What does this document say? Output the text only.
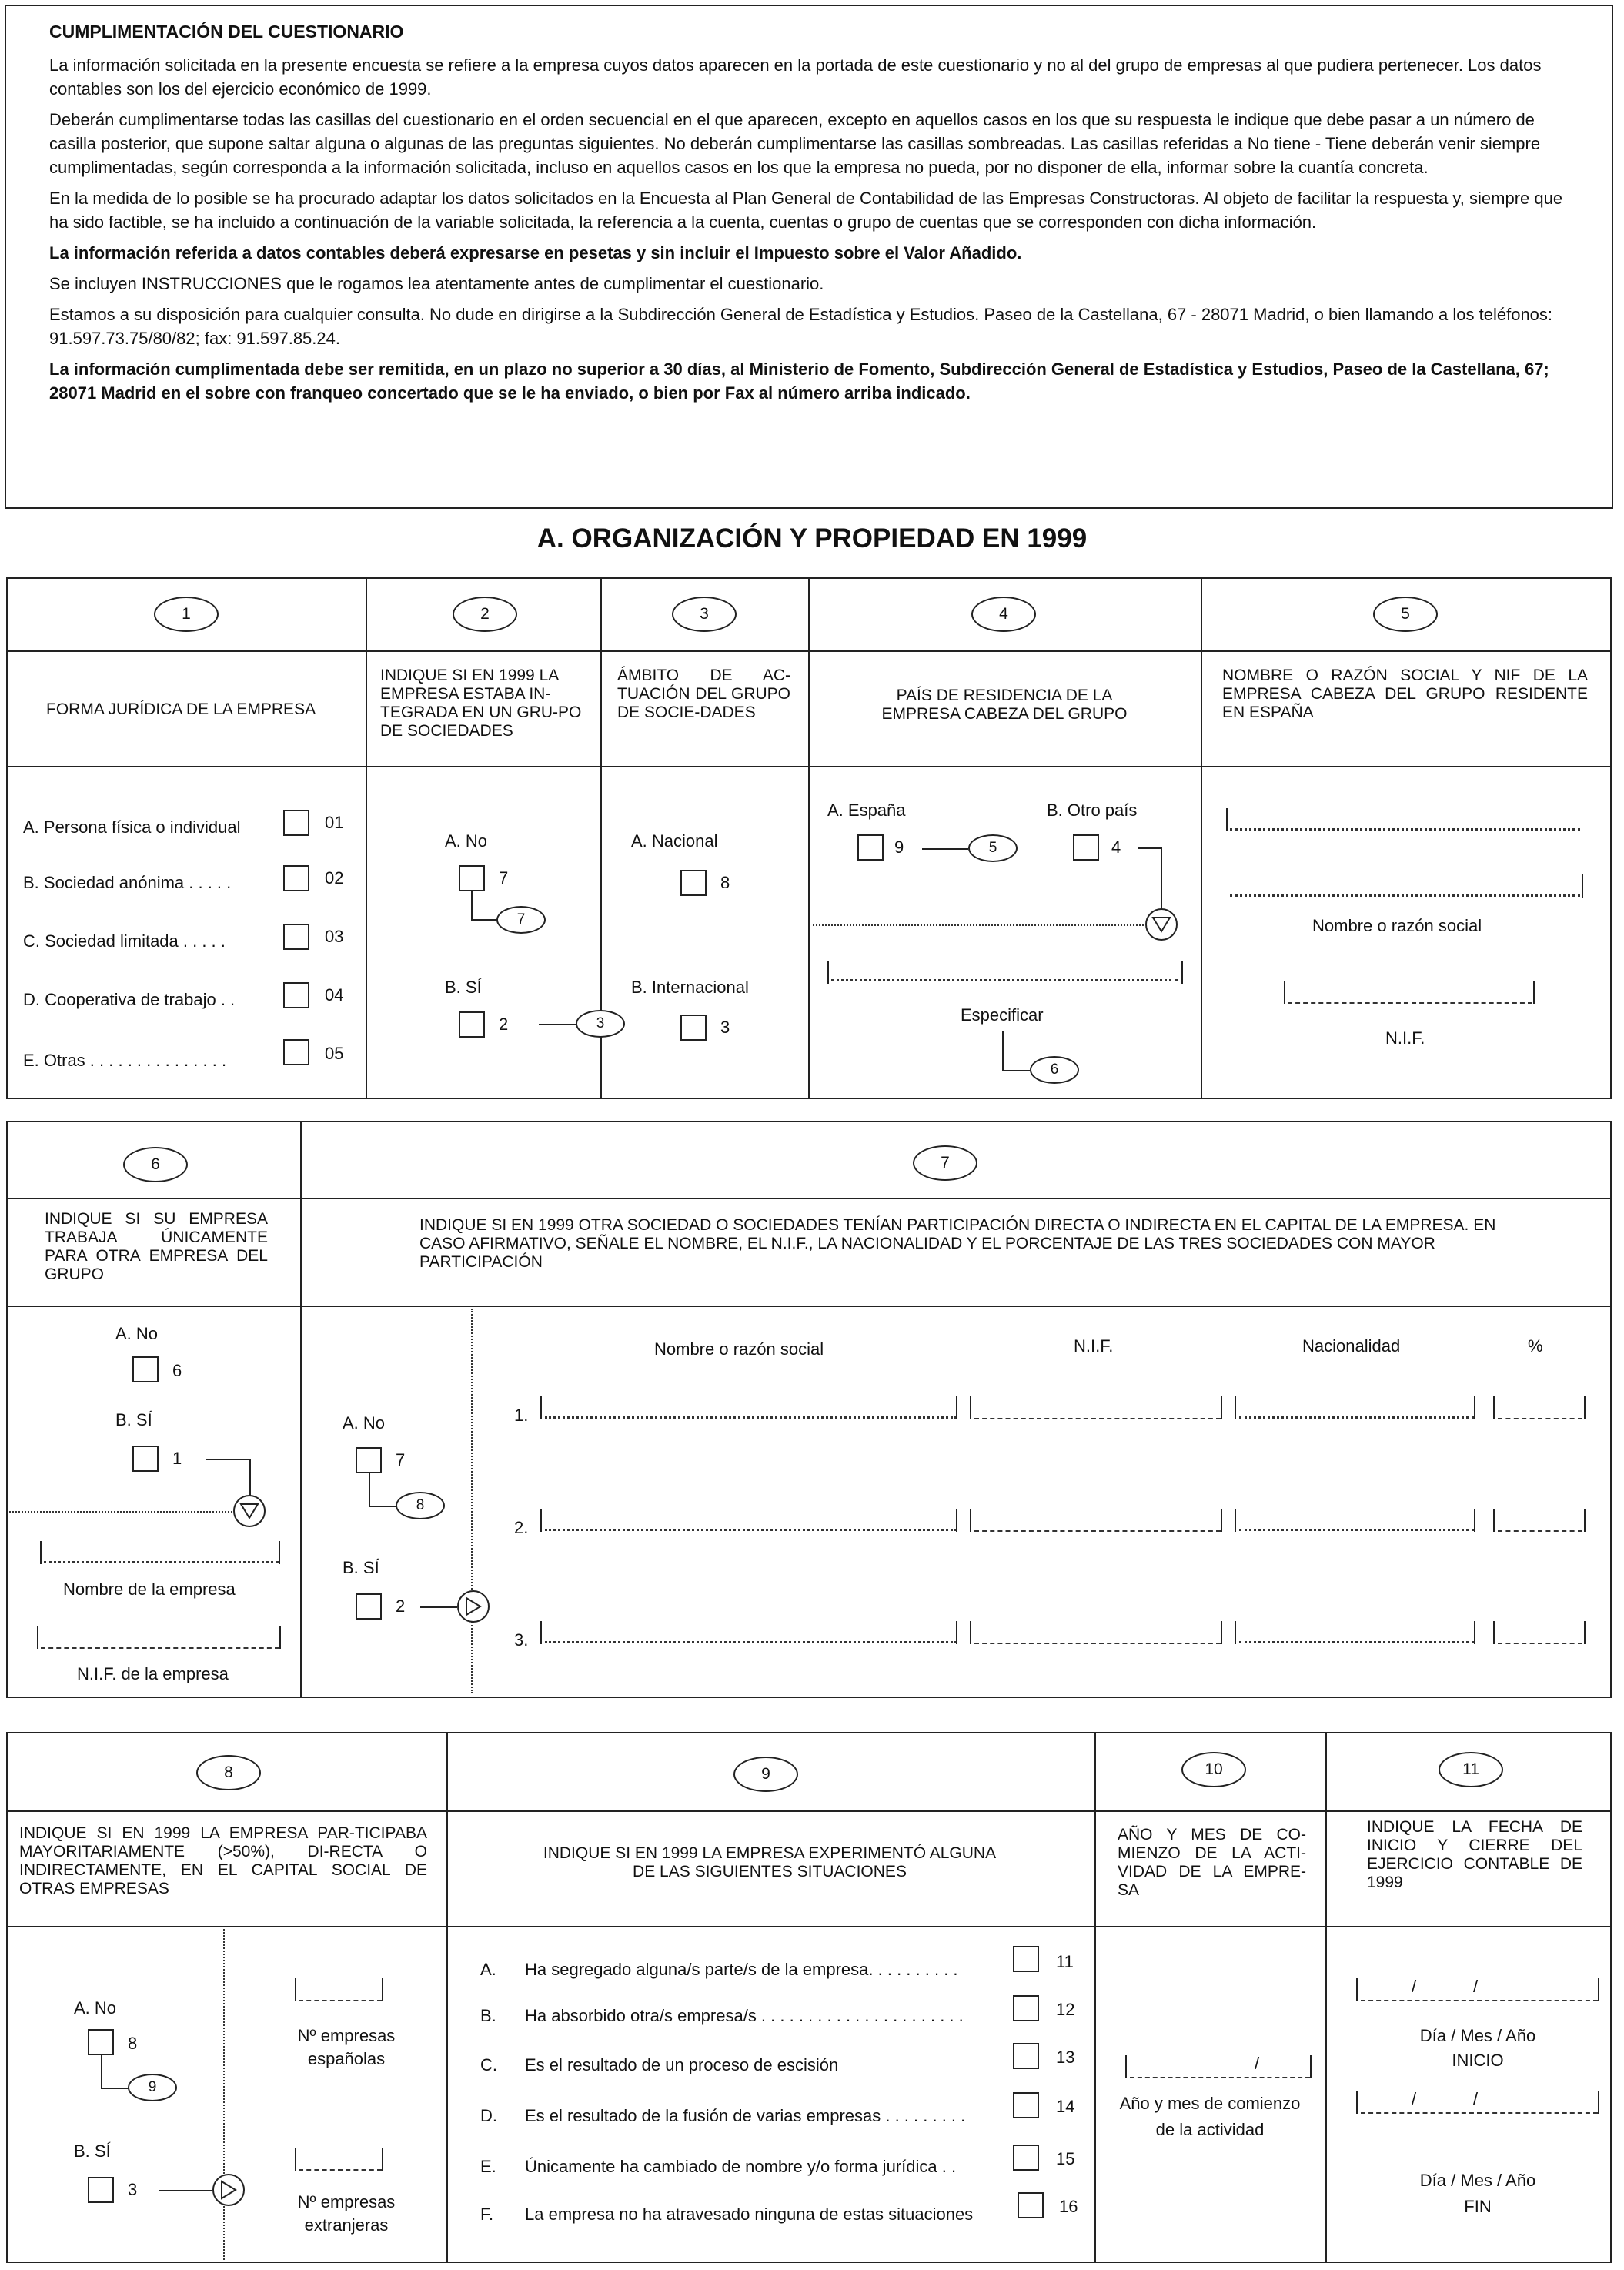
CUMPLIMENTACIÓN DEL CUESTIONARIO

La información solicitada en la presente encuesta se refiere a la empresa cuyos datos aparecen en la portada de este cuestionario y no al del grupo de empresas al que pudiera pertenecer. Los datos contables son los del ejercicio económico de 1999.

Deberán cumplimentarse todas las casillas del cuestionario en el orden secuencial en el que aparecen, excepto en aquellos casos en los que su respuesta le indique que debe pasar a un número de casilla posterior, que supone saltar alguna o algunas de las preguntas siguientes. No deberán cumplimentarse las casillas sombreadas. Las casillas referidas a No tiene - Tiene deberán venir siempre cumplimentadas, según corresponda a la información solicitada, incluso en aquellos casos en los que la empresa no pueda, por no disponer de ella, informar sobre la cuantía concreta.

En la medida de lo posible se ha procurado adaptar los datos solicitados en la Encuesta al Plan General de Contabilidad de las Empresas Constructoras. Al objeto de facilitar la respuesta y, siempre que ha sido factible, se ha incluido a continuación de la variable solicitada, la referencia a la cuenta, cuentas o grupo de cuentas que se corresponden con dicha información.

La información referida a datos contables deberá expresarse en pesetas y sin incluir el Impuesto sobre el Valor Añadido.

Se incluyen INSTRUCCIONES que le rogamos lea atentamente antes de cumplimentar el cuestionario.

Estamos a su disposición para cualquier consulta. No dude en dirigirse a la Subdirección General de Estadística y Estudios. Paseo de la Castellana, 67 - 28071 Madrid, o bien llamando a los teléfonos: 91.597.73.75/80/82; fax: 91.597.85.24.

La información cumplimentada debe ser remitida, en un plazo no superior a 30 días, al Ministerio de Fomento, Subdirección General de Estadística y Estudios, Paseo de la Castellana, 67; 28071 Madrid en el sobre con franqueo concertado que se le ha enviado, o bien por Fax al número arriba indicado.

A. ORGANIZACIÓN Y PROPIEDAD EN 1999
1
FORMA JURÍDICA DE LA EMPRESA
A. Persona física o individual	01
B. Sociedad anónima . . . . .	02
C. Sociedad limitada . . . . .	03
D. Cooperativa de trabajo . .	04
E. Otras . . . . . . . . . . . . . . .	05
2
INDIQUE SI EN 1999 LA EMPRESA ESTABA IN-TEGRADA EN UN GRU-PO DE SOCIEDADES
A. No
7
7
B. SÍ
2	3
3
ÁMBITO DE AC-TUACIÓN DEL GRUPO DE SOCIE-DADES
A. Nacional
8
B. Internacional
3
4
PAÍS DE RESIDENCIA DE LA EMPRESA CABEZA DEL GRUPO
A. España
9	5
B. Otro país
4
Especificar
6
5
NOMBRE O RAZÓN SOCIAL Y NIF DE LA EMPRESA CABEZA DEL GRUPO RESIDENTE EN ESPAÑA
Nombre o razón social
N.I.F.
6
INDIQUE SI SU EMPRESA TRABAJA ÚNICAMENTE PARA OTRA EMPRESA DEL GRUPO
A. No
6
B. SÍ
1
Nombre de la empresa
N.I.F. de la empresa
7
INDIQUE SI EN 1999 OTRA SOCIEDAD O SOCIEDADES TENÍAN PARTICIPACIÓN DIRECTA O INDIRECTA EN EL CAPITAL DE LA EMPRESA. EN CASO AFIRMATIVO, SEÑALE EL NOMBRE, EL N.I.F., LA NACIONALIDAD Y EL PORCENTAJE DE LAS TRES SOCIEDADES CON MAYOR PARTICIPACIÓN
A. No
7
8
B. SÍ
2
Nombre o razón social	N.I.F.	Nacionalidad	%
1.
2.
3.
8
INDIQUE SI EN 1999 LA EMPRESA PAR-TICIPABA MAYORITARIAMENTE (>50%), DI-RECTA O INDIRECTAMENTE, EN EL CAPITAL SOCIAL DE OTRAS EMPRESAS
A. No
8
9
B. SÍ
3
Nº empresas
españolas
Nº empresas
extranjeras
9
INDIQUE SI EN 1999 LA EMPRESA EXPERIMENTÓ ALGUNA DE LAS SIGUIENTES SITUACIONES
A. Ha segregado alguna/s parte/s de la empresa. . . . . . . . . .	11
B. Ha absorbido otra/s empresa/s . . . . . . . . . . . . . . . . . . . . . .	12
C. Es el resultado de un proceso de escisión	13
D. Es el resultado de la fusión de varias empresas . . . . . . . . .	14
E. Únicamente ha cambiado de nombre y/o forma jurídica . .	15
F. La empresa no ha atravesado ninguna de estas situaciones	16
10
AÑO Y MES DE CO-MIENZO DE LA ACTI-VIDAD DE LA EMPRE-SA
/
Año y mes de comienzo
de la actividad
11
INDIQUE LA FECHA DE INICIO Y CIERRE DEL EJERCICIO CONTABLE DE 1999
/	/
Día / Mes / Año
INICIO
/	/
Día / Mes / Año
FIN
